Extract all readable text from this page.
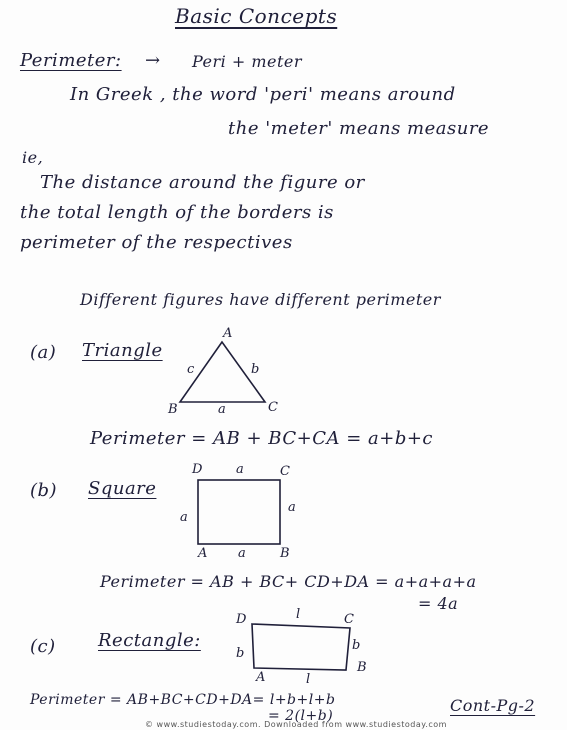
Basic Concepts
Perimeter: → Peri + meter
In Greek , the word 'peri' means around
the 'meter' means measure
ie,
The distance around the figure or
the total length of the borders is
perimeter of the respectives
Different figures have different perimeter
(a) Triangle
A
B	C
c	b
a
Perimeter = AB + BC+CA = a+b+c
(b) Square
D	C
A	B
a
a
a
a
Perimeter = AB + BC+ CD+DA = a+a+a+a
= 4a
(c) Rectangle:
D	C
A
B
l
b
b
l
Perimeter = AB+BC+CD+DA= l+b+l+b
= 2(l+b)
Cont-Pg-2
© www.studiestoday.com. Downloaded from www.studiestoday.com
